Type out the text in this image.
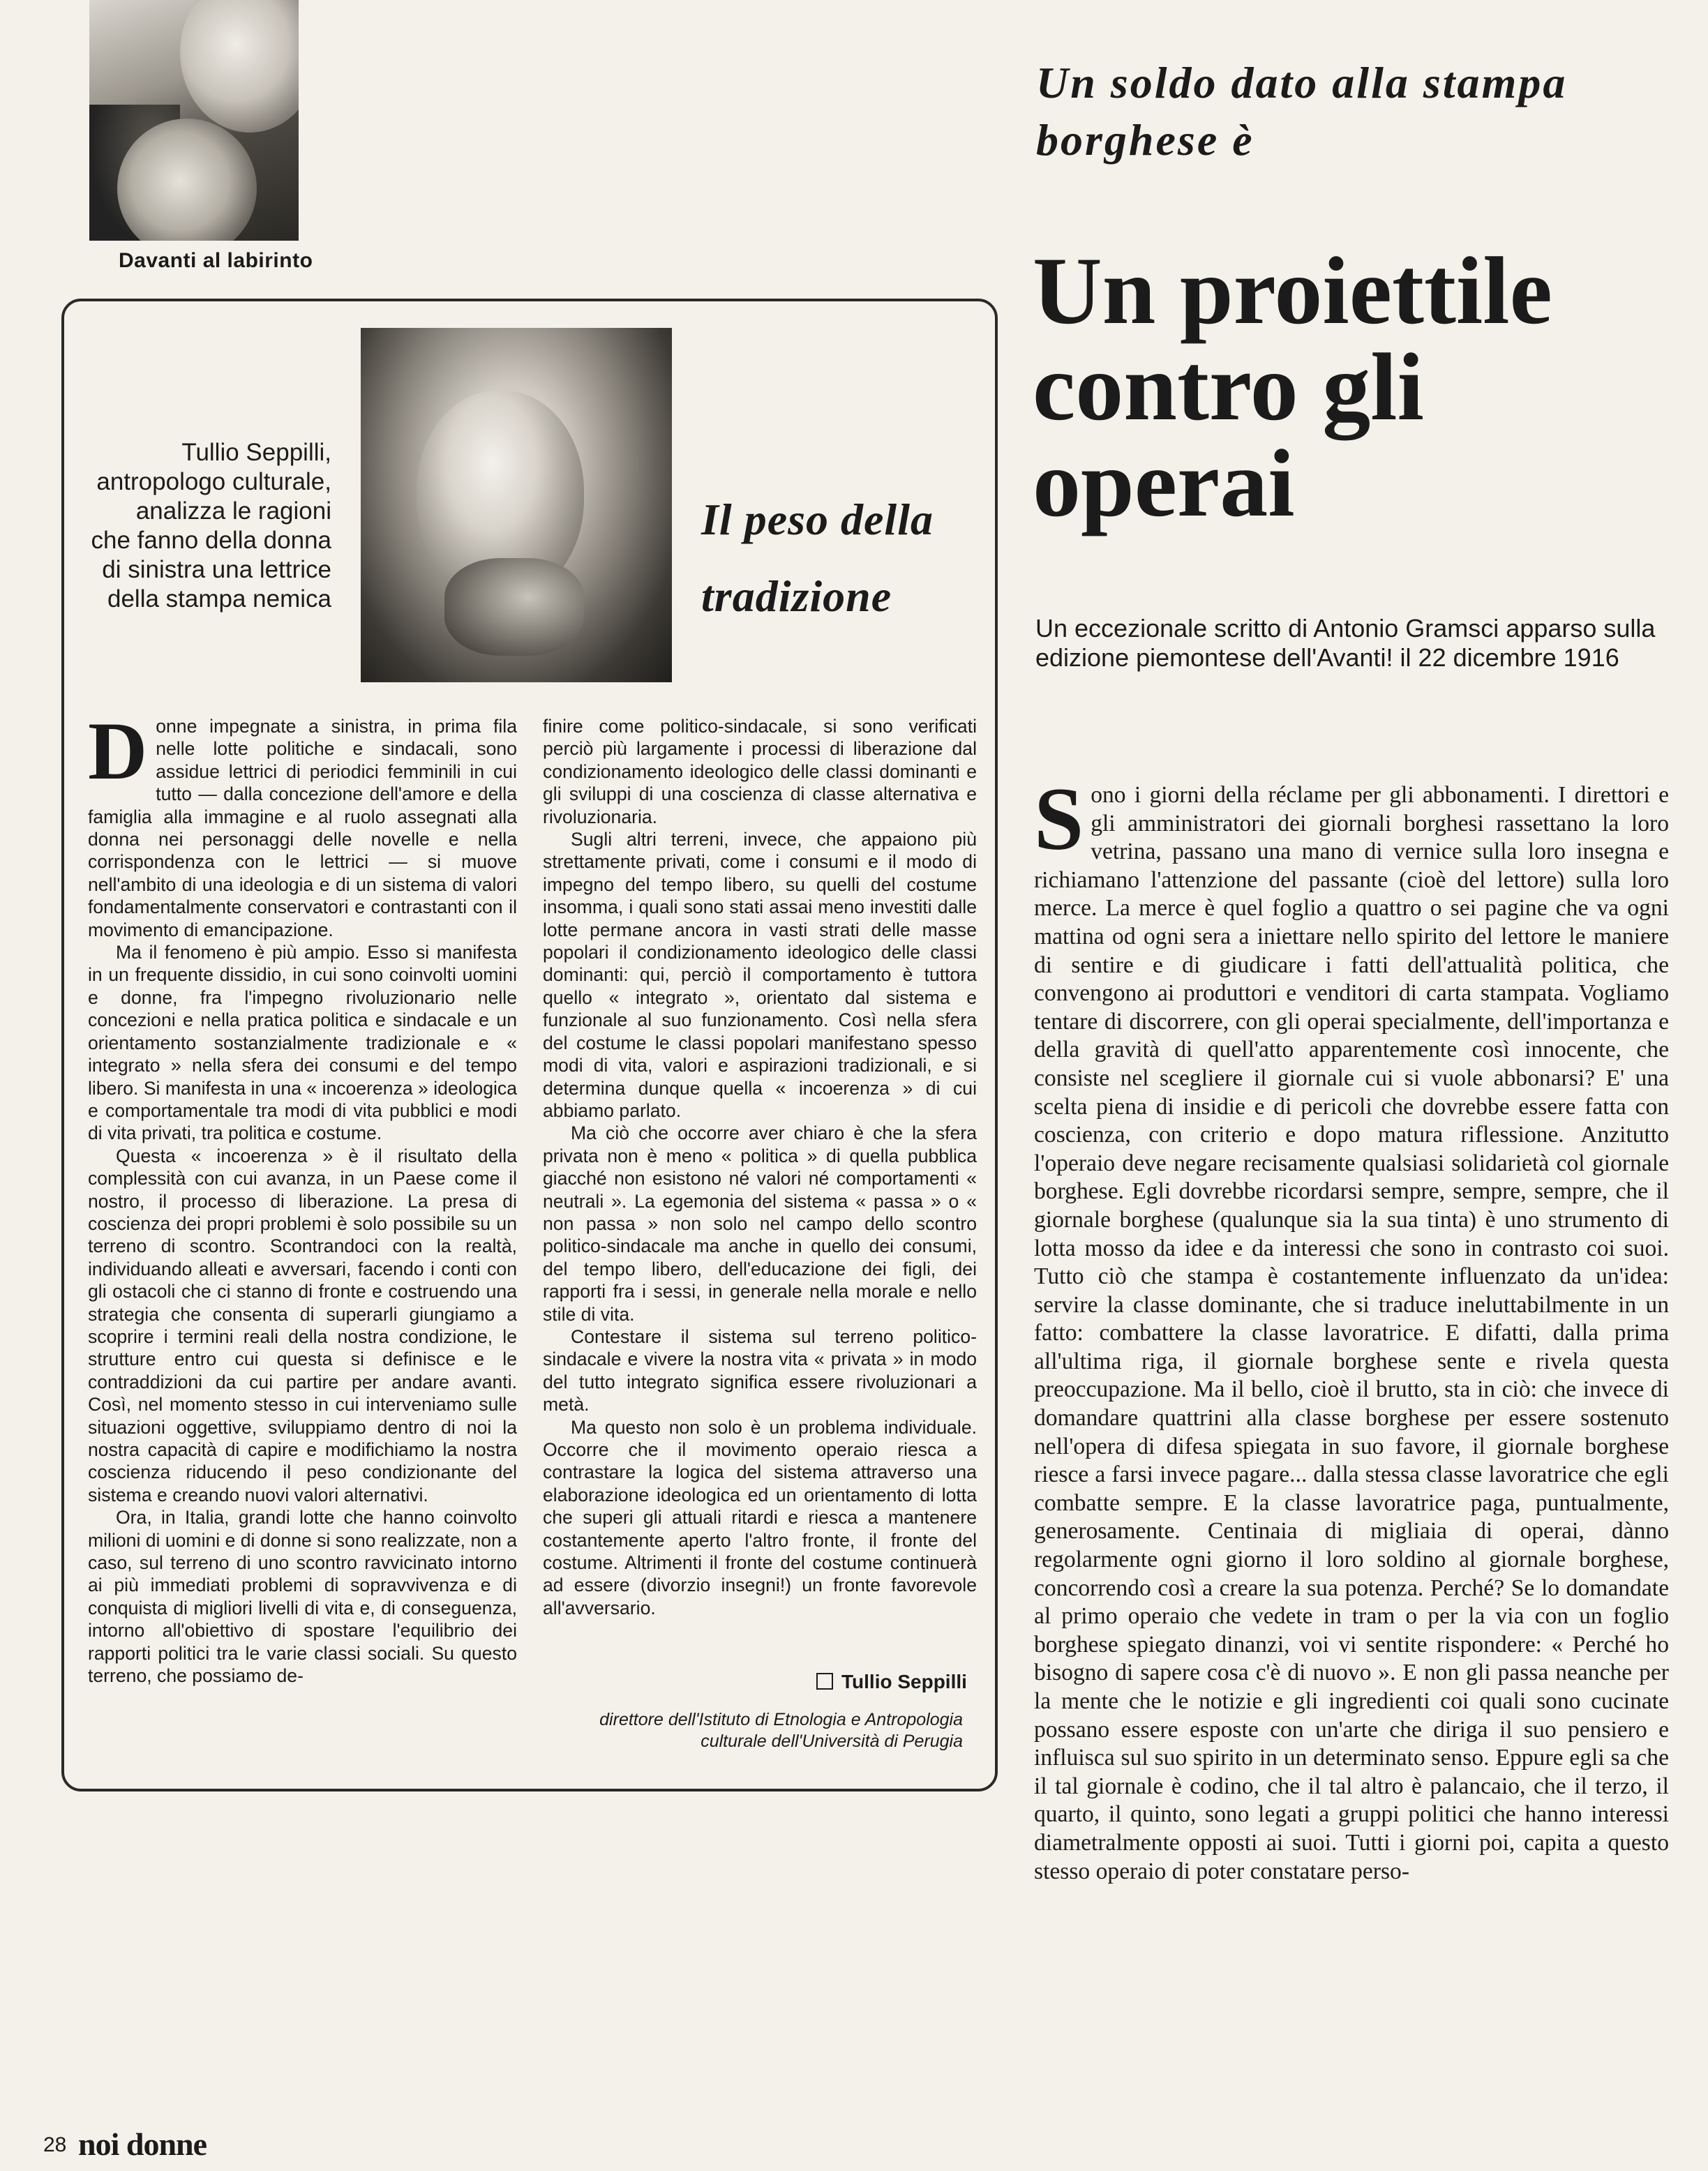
Davanti al labirinto
Tullio Seppilli, antropologo culturale, analizza le ragioni che fanno della donna di sinistra una lettrice della stampa nemica
Il peso della tradizione

Donne impegnate a sinistra, in prima fila nelle lotte politiche e sindacali, sono assidue lettrici di periodici femminili in cui tutto — dalla concezione dell'amore e della famiglia alla immagine e al ruolo assegnati alla donna nei personaggi delle novelle e nella corrispondenza con le lettrici — si muove nell'ambito di una ideologia e di un sistema di valori fondamentalmente conservatori e contrastanti con il movimento di emancipazione.

Ma il fenomeno è più ampio. Esso si manifesta in un frequente dissidio, in cui sono coinvolti uomini e donne, fra l'impegno rivoluzionario nelle concezioni e nella pratica politica e sindacale e un orientamento sostanzialmente tradizionale e « integrato » nella sfera dei consumi e del tempo libero. Si manifesta in una « incoerenza » ideologica e comportamentale tra modi di vita pubblici e modi di vita privati, tra politica e costume.

Questa « incoerenza » è il risultato della complessità con cui avanza, in un Paese come il nostro, il processo di liberazione. La presa di coscienza dei propri problemi è solo possibile su un terreno di scontro. Scontrandoci con la realtà, individuando alleati e avversari, facendo i conti con gli ostacoli che ci stanno di fronte e costruendo una strategia che consenta di superarli giungiamo a scoprire i termini reali della nostra condizione, le strutture entro cui questa si definisce e le contraddizioni da cui partire per andare avanti. Così, nel momento stesso in cui interveniamo sulle situazioni oggettive, sviluppiamo dentro di noi la nostra capacità di capire e modifichiamo la nostra coscienza riducendo il peso condizionante del sistema e creando nuovi valori alternativi.

Ora, in Italia, grandi lotte che hanno coinvolto milioni di uomini e di donne si sono realizzate, non a caso, sul terreno di uno scontro ravvicinato intorno ai più immediati problemi di sopravvivenza e di conquista di migliori livelli di vita e, di conseguenza, intorno all'obiettivo di spostare l'equilibrio dei rapporti politici tra le varie classi sociali. Su questo terreno, che possiamo de-

finire come politico-sindacale, si sono verificati perciò più largamente i processi di liberazione dal condizionamento ideologico delle classi dominanti e gli sviluppi di una coscienza di classe alternativa e rivoluzionaria.

Sugli altri terreni, invece, che appaiono più strettamente privati, come i consumi e il modo di impegno del tempo libero, su quelli del costume insomma, i quali sono stati assai meno investiti dalle lotte permane ancora in vasti strati delle masse popolari il condizionamento ideologico delle classi dominanti: qui, perciò il comportamento è tuttora quello « integrato », orientato dal sistema e funzionale al suo funzionamento. Così nella sfera del costume le classi popolari manifestano spesso modi di vita, valori e aspirazioni tradizionali, e si determina dunque quella « incoerenza » di cui abbiamo parlato.

Ma ciò che occorre aver chiaro è che la sfera privata non è meno « politica » di quella pubblica giacché non esistono né valori né comportamenti « neutrali ». La egemonia del sistema « passa » o « non passa » non solo nel campo dello scontro politico-sindacale ma anche in quello dei consumi, del tempo libero, dell'educazione dei figli, dei rapporti fra i sessi, in generale nella morale e nello stile di vita.

Contestare il sistema sul terreno politico-sindacale e vivere la nostra vita « privata » in modo del tutto integrato significa essere rivoluzionari a metà.

Ma questo non solo è un problema individuale. Occorre che il movimento operaio riesca a contrastare la logica del sistema attraverso una elaborazione ideologica ed un orientamento di lotta che superi gli attuali ritardi e riesca a mantenere costantemente aperto l'altro fronte, il fronte del costume. Altrimenti il fronte del costume continuerà ad essere (divorzio insegni!) un fronte favorevole all'avversario.

Tullio Seppilli
direttore dell'Istituto di Etnologia e Antropologia culturale dell'Università di Perugia
Un soldo dato alla stampa borghese è
Un proiettile contro gli operai
Un eccezionale scritto di Antonio Gramsci apparso sulla edizione piemontese dell'Avanti! il 22 dicembre 1916

Sono i giorni della réclame per gli abbonamenti. I direttori e gli amministratori dei giornali borghesi rassettano la loro vetrina, passano una mano di vernice sulla loro insegna e richiamano l'attenzione del passante (cioè del lettore) sulla loro merce. La merce è quel foglio a quattro o sei pagine che va ogni mattina od ogni sera a iniettare nello spirito del lettore le maniere di sentire e di giudicare i fatti dell'attualità politica, che convengono ai produttori e venditori di carta stampata. Vogliamo tentare di discorrere, con gli operai specialmente, dell'importanza e della gravità di quell'atto apparentemente così innocente, che consiste nel scegliere il giornale cui si vuole abbonarsi? E' una scelta piena di insidie e di pericoli che dovrebbe essere fatta con coscienza, con criterio e dopo matura riflessione. Anzitutto l'operaio deve negare recisamente qualsiasi solidarietà col giornale borghese. Egli dovrebbe ricordarsi sempre, sempre, sempre, che il giornale borghese (qualunque sia la sua tinta) è uno strumento di lotta mosso da idee e da interessi che sono in contrasto coi suoi. Tutto ciò che stampa è costantemente influenzato da un'idea: servire la classe dominante, che si traduce ineluttabilmente in un fatto: combattere la classe lavoratrice. E difatti, dalla prima all'ultima riga, il giornale borghese sente e rivela questa preoccupazione. Ma il bello, cioè il brutto, sta in ciò: che invece di domandare quattrini alla classe borghese per essere sostenuto nell'opera di difesa spiegata in suo favore, il giornale borghese riesce a farsi invece pagare... dalla stessa classe lavoratrice che egli combatte sempre. E la classe lavoratrice paga, puntualmente, generosamente. Centinaia di migliaia di operai, dànno regolarmente ogni giorno il loro soldino al giornale borghese, concorrendo così a creare la sua potenza. Perché? Se lo domandate al primo operaio che vedete in tram o per la via con un foglio borghese spiegato dinanzi, voi vi sentite rispondere: « Perché ho bisogno di sapere cosa c'è di nuovo ». E non gli passa neanche per la mente che le notizie e gli ingredienti coi quali sono cucinate possano essere esposte con un'arte che diriga il suo pensiero e influisca sul suo spirito in un determinato senso. Eppure egli sa che il tal giornale è codino, che il tal altro è palancaio, che il terzo, il quarto, il quinto, sono legati a gruppi politici che hanno interessi diametralmente opposti ai suoi. Tutti i giorni poi, capita a questo stesso operaio di poter constatare perso-

28 noi donne
